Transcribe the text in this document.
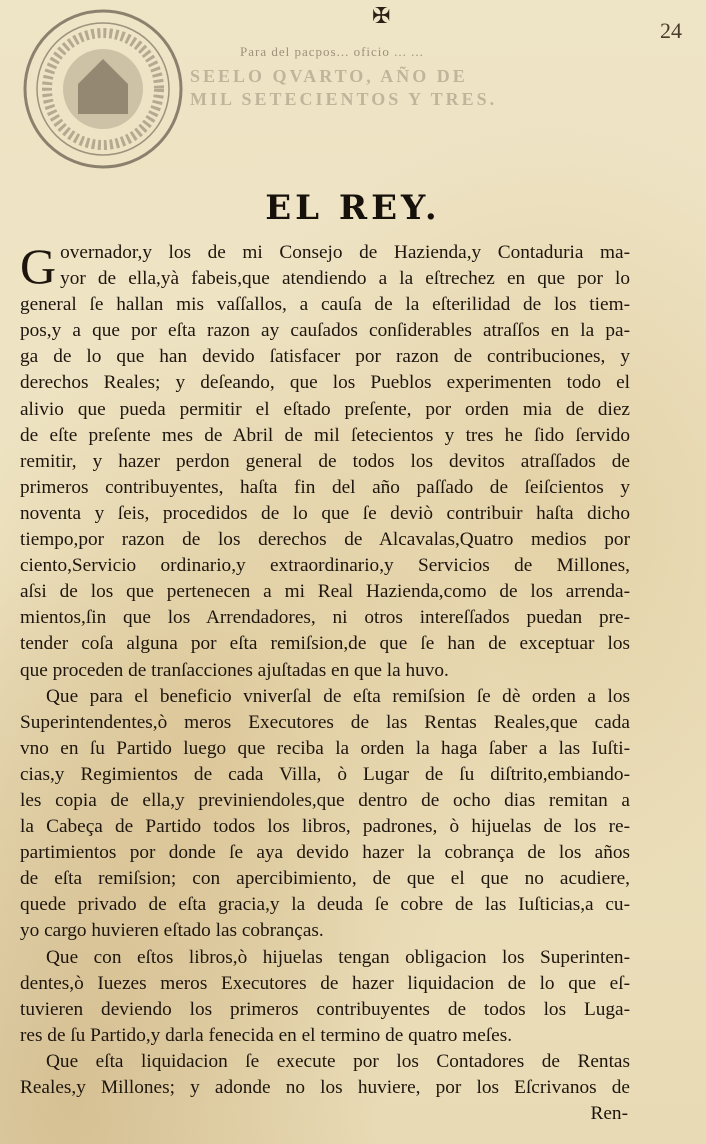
✠
24
Para del pacpos... oficio ... ...
SEELO QVARTO, AÑO DE
MIL SETECIENTOS Y TRES.
EL REY.
G overnador,y los de mi Consejo de Hazienda,y Contaduria ma-
yor de ella,yà fabeis,que atendiendo a la eſtrechez en que por lo
general ſe hallan mis vaſſallos, a cauſa de la eſterilidad de los tiem-
pos,y a que por eſta razon ay cauſados conſiderables atraſſos en la pa-
ga de lo que han devido ſatisfacer por razon de contribuciones, y
derechos Reales; y deſeando, que los Pueblos experimenten todo el
alivio que pueda permitir el eſtado preſente, por orden mia de diez
de eſte preſente mes de Abril de mil ſetecientos y tres he ſido ſervido
remitir, y hazer perdon general de todos los devitos atraſſados de
primeros contribuyentes, haſta fin del año paſſado de ſeiſcientos y
noventa y ſeis, procedidos de lo que ſe deviò contribuir haſta dicho
tiempo,por razon de los derechos de Alcavalas,Quatro medios por
ciento,Servicio ordinario,y extraordinario,y Servicios de Millones,
aſsi de los que pertenecen a mi Real Hazienda,como de los arrenda-
mientos,ſin que los Arrendadores, ni otros intereſſados puedan pre-
tender coſa alguna por eſta remiſsion,de que ſe han de exceptuar los
que proceden de tranſacciones ajuſtadas en que la huvo.
Que para el beneficio vniverſal de eſta remiſsion ſe dè orden a los
Superintendentes,ò meros Executores de las Rentas Reales,que cada
vno en ſu Partido luego que reciba la orden la haga ſaber a las Iuſti-
cias,y Regimientos de cada Villa, ò Lugar de ſu diſtrito,embiando-
les copia de ella,y previniendoles,que dentro de ocho dias remitan a
la Cabeça de Partido todos los libros, padrones, ò hijuelas de los re-
partimientos por donde ſe aya devido hazer la cobrança de los años
de eſta remiſsion; con apercibimiento, de que el que no acudiere,
quede privado de eſta gracia,y la deuda ſe cobre de las Iuſticias,a cu-
yo cargo huvieren eſtado las cobranças.
Que con eſtos libros,ò hijuelas tengan obligacion los Superinten-
dentes,ò Iuezes meros Executores de hazer liquidacion de lo que eſ-
tuvieren deviendo los primeros contribuyentes de todos los Luga-
res de ſu Partido,y darla fenecida en el termino de quatro meſes.
Que eſta liquidacion ſe execute por los Contadores de Rentas
Reales,y Millones; y adonde no los huviere, por los Eſcrivanos de
Ren-
